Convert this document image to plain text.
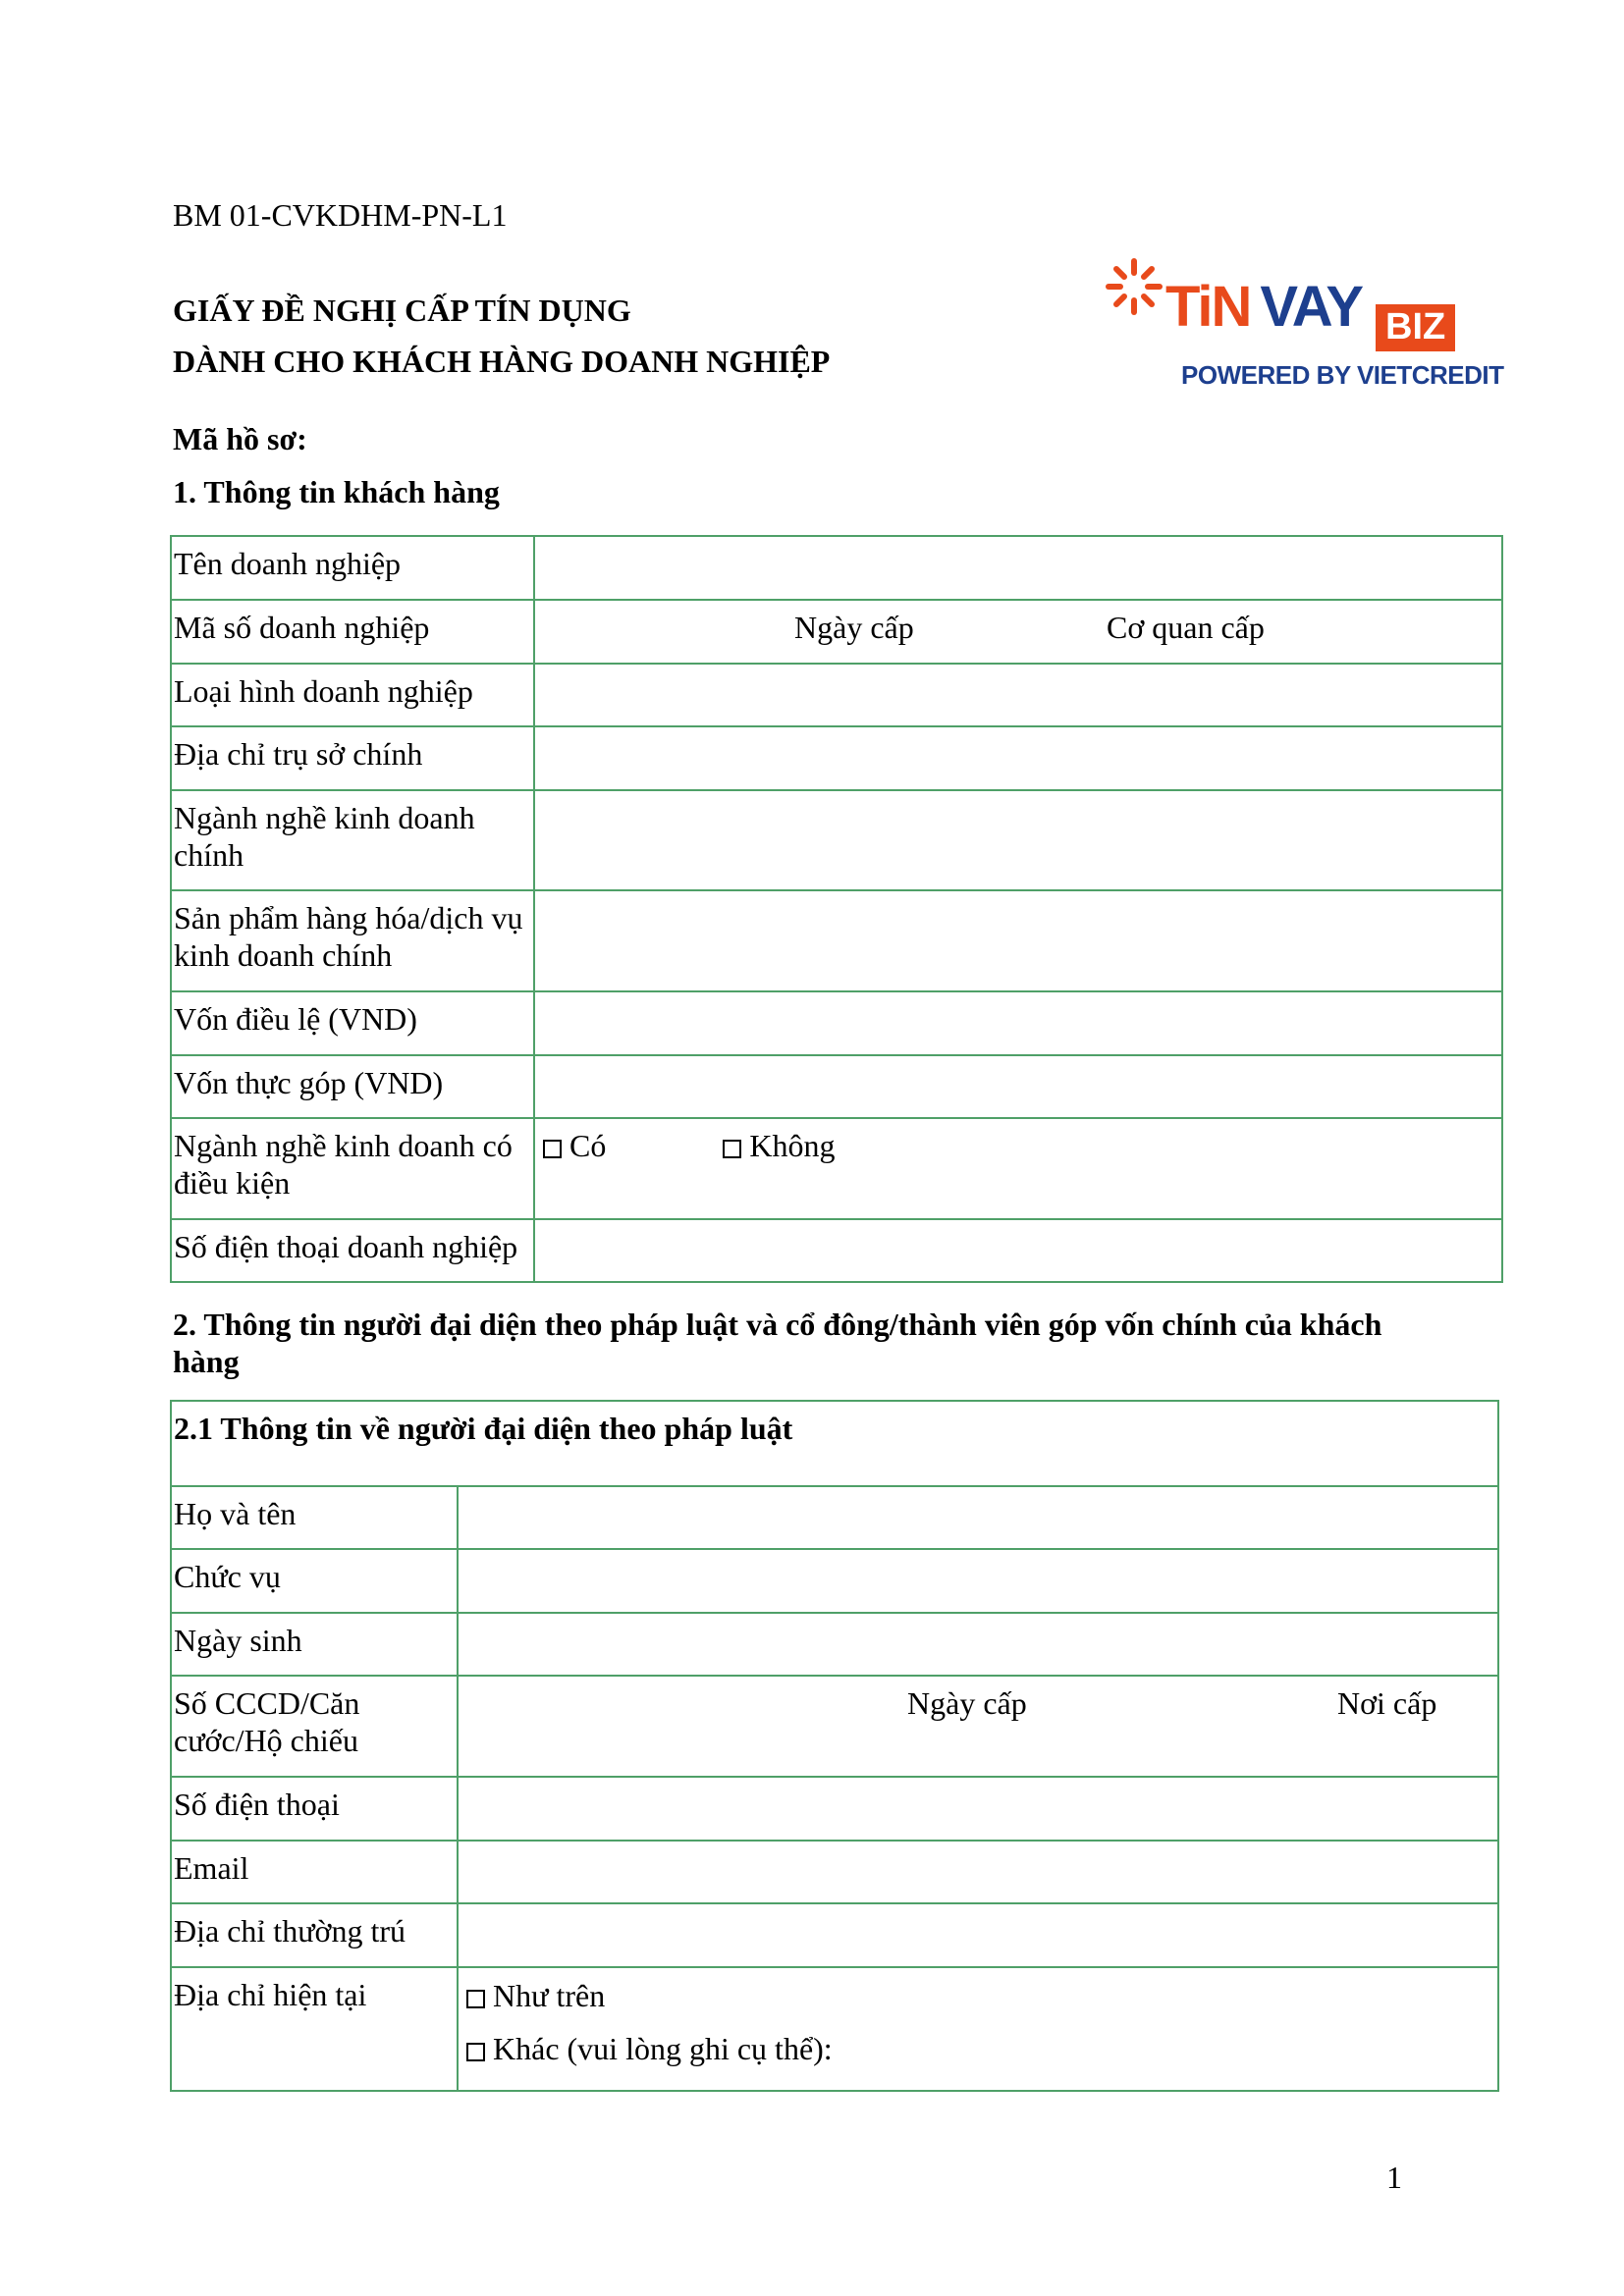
BM 01-CVKDHM-PN-L1
GIẤY ĐỀ NGHỊ CẤP TÍN DỤNG
DÀNH CHO KHÁCH HÀNG DOANH NGHIỆP
TiN VAY BIZ
POWERED BY VIETCREDIT
Mã hồ sơ:
1. Thông tin khách hàng
Tên doanh nghiệp	
Mã số doanh nghiệp	Ngày cấp Cơ quan cấp

Loại hình doanh nghiệp	
Địa chỉ trụ sở chính	
Ngành nghề kinh doanh chính	
Sản phẩm hàng hóa/dịch vụ kinh doanh chính	
Vốn điều lệ (VND)	
Vốn thực góp (VND)	
Ngành nghề kinh doanh có điều kiện	Có Không
Số điện thoại doanh nghiệp	
2. Thông tin người đại diện theo pháp luật và cổ đông/thành viên góp vốn chính của khách hàng
2.1 Thông tin về người đại diện theo pháp luật	
Họ và tên	
Chức vụ	
Ngày sinh	
Số CCCD/Căn cước/Hộ chiếu	Ngày cấp Nơi cấp

Số điện thoại	
Email	
Địa chỉ thường trú	
Địa chỉ hiện tại	Như trên
Khác (vui lòng ghi cụ thể):
1
